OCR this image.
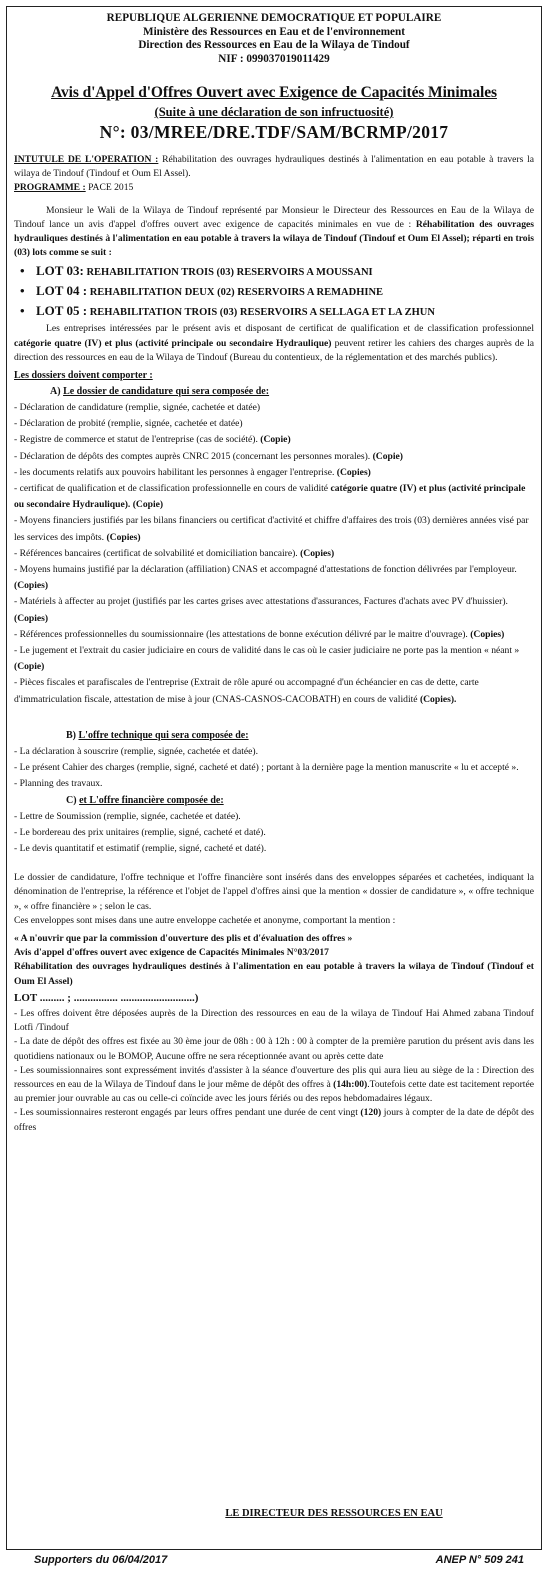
REPUBLIQUE ALGERIENNE DEMOCRATIQUE ET POPULAIRE
Ministère des Ressources en Eau et de l'environnement
Direction des Ressources en Eau de la Wilaya de Tindouf
NIF : 099037019011429
Avis d'Appel d'Offres Ouvert avec Exigence de Capacités Minimales
(Suite à une déclaration de son infructuosité)
N°: 03/MREE/DRE.TDF/SAM/BCRMP/2017
INTUTULE DE L'OPERATION : Réhabilitation des ouvrages hydrauliques destinés à l'alimentation en eau potable à travers la wilaya de Tindouf (Tindouf et Oum El Assel).
PROGRAMME : PACE 2015
Monsieur le Wali de la Wilaya de Tindouf représenté par Monsieur le Directeur des Ressources en Eau de la Wilaya de Tindouf lance un avis d'appel d'offres ouvert avec exigence de capacités minimales en vue de : Réhabilitation des ouvrages hydrauliques destinés à l'alimentation en eau potable à travers la wilaya de Tindouf (Tindouf et Oum El Assel); réparti en trois (03) lots comme se suit :
• LOT 03: REHABILITATION TROIS (03) RESERVOIRS A MOUSSANI
• LOT 04 : REHABILITATION DEUX (02) RESERVOIRS A REMADHINE
• LOT 05 : REHABILITATION TROIS (03) RESERVOIRS A SELLAGA ET LA ZHUN
Les entreprises intéressées par le présent avis et disposant de certificat de qualification et de classification professionnel catégorie quatre (IV) et plus (activité principale ou secondaire Hydraulique) peuvent retirer les cahiers des charges auprès de la direction des ressources en eau de la Wilaya de Tindouf (Bureau du contentieux, de la réglementation et des marchés publics).
Les dossiers doivent comporter :
A) Le dossier de candidature qui sera composée de:
- Déclaration de candidature (remplie, signée, cachetée et datée)
- Déclaration de probité (remplie, signée, cachetée et datée)
- Registre de commerce et statut de l'entreprise (cas de société). (Copie)
- Déclaration de dépôts des comptes auprès CNRC 2015 (concernant les personnes morales). (Copie)
- les documents relatifs aux pouvoirs habilitant les personnes à engager l'entreprise. (Copies)
- certificat de qualification et de classification professionnelle en cours de validité catégorie quatre (IV) et plus (activité principale ou secondaire Hydraulique). (Copie)
- Moyens financiers justifiés par les bilans financiers ou certificat d'activité et chiffre d'affaires des trois (03) dernières années visé par les services des impôts. (Copies)
- Références bancaires (certificat de solvabilité et domiciliation bancaire). (Copies)
- Moyens humains justifié par la déclaration (affiliation) CNAS et accompagné d'attestations de fonction délivrées par l'employeur. (Copies)
- Matériels à affecter au projet (justifiés par les cartes grises avec attestations d'assurances, Factures d'achats avec PV d'huissier). (Copies)
- Références professionnelles du soumissionnaire (les attestations de bonne exécution délivré par le maitre d'ouvrage). (Copies)
- Le jugement et l'extrait du casier judiciaire en cours de validité dans le cas où le casier judiciaire ne porte pas la mention « néant » (Copie)
- Pièces fiscales et parafiscales de l'entreprise (Extrait de rôle apuré ou accompagné d'un échéancier en cas de dette, carte d'immatriculation fiscale, attestation de mise à jour (CNAS-CASNOS-CACOBATH) en cours de validité (Copies).
B) L'offre technique qui sera composée de:
- La déclaration à souscrire (remplie, signée, cachetée et datée).
- Le présent Cahier des charges (remplie, signé, cacheté et daté) ; portant à la dernière page la mention manuscrite « lu et accepté ».
- Planning des travaux.
C) et L'offre financière composée de:
- Lettre de Soumission (remplie, signée, cachetée et datée).
- Le bordereau des prix unitaires (remplie, signé, cacheté et daté).
- Le devis quantitatif et estimatif (remplie, signé, cacheté et daté).
Le dossier de candidature, l'offre technique et l'offre financière sont insérés dans des enveloppes séparées et cachetées, indiquant la dénomination de l'entreprise, la référence et l'objet de l'appel d'offres ainsi que la mention « dossier de candidature », « offre technique », « offre financière » ; selon le cas.
Ces enveloppes sont mises dans une autre enveloppe cachetée et anonyme, comportant la mention :
« A n'ouvrir que par la commission d'ouverture des plis et d'évaluation des offres »
Avis d'appel d'offres ouvert avec exigence de Capacités Minimales N°03/2017
Réhabilitation des ouvrages hydrauliques destinés à l'alimentation en eau potable à travers la wilaya de Tindouf (Tindouf et Oum El Assel)
LOT ......... ; ................ ...........................)
- Les offres doivent être déposées auprès de la Direction des ressources en eau de la wilaya de Tindouf Hai Ahmed zabana Tindouf Lotfi /Tindouf
- La date de dépôt des offres est fixée au 30 ème jour de 08h : 00 à 12h : 00 à compter de la première parution du présent avis dans les quotidiens nationaux ou le BOMOP, Aucune offre ne sera réceptionnée avant ou après cette date
- Les soumissionnaires sont expressément invités d'assister à la séance d'ouverture des plis qui aura lieu au siège de la : Direction des ressources en eau de la Wilaya de Tindouf dans le jour même de dépôt des offres à (14h:00).Toutefois cette date est tacitement reportée au premier jour ouvrable au cas ou celle-ci coïncide avec les jours fériés ou des repos hebdomadaires légaux.
- Les soumissionnaires resteront engagés par leurs offres pendant une durée de cent vingt (120) jours à compter de la date de dépôt des offres
LE DIRECTEUR DES RESSOURCES EN EAU
Supporters du 06/04/2017	ANEP N° 509 241
